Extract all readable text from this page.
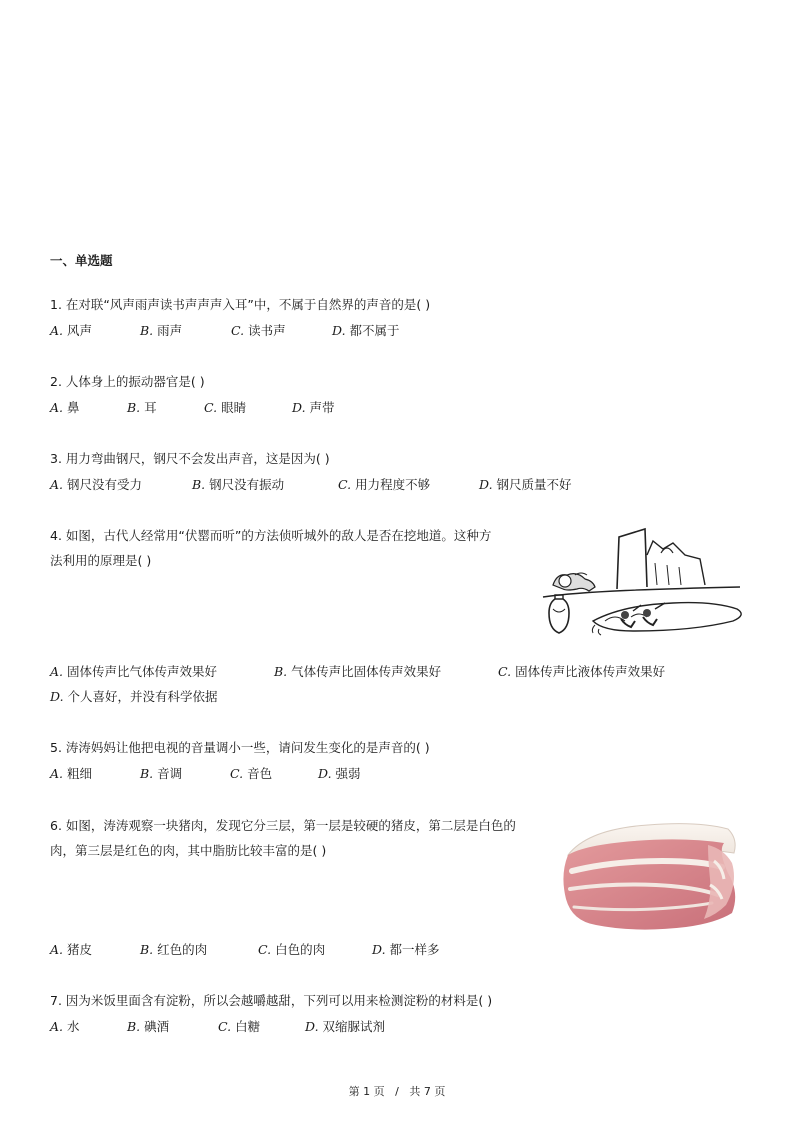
一、单选题
1. 在对联“风声雨声读书声声声入耳”中，不属于自然界的声音的是( )
A. 风声	B. 雨声	C. 读书声	D. 都不属于
2. 人体身上的振动器官是( )
A. 鼻	B. 耳	C. 眼睛	D. 声带
3. 用力弯曲钢尺，钢尺不会发出声音，这是因为( )
A. 钢尺没有受力	B. 钢尺没有振动	C. 用力程度不够	D. 钢尺质量不好
4. 如图，古代人经常用“伏罂而听”的方法侦听城外的敌人是否在挖地道。这种方
法利用的原理是( )
A. 固体传声比气体传声效果好	B. 气体传声比固体传声效果好	C. 固体传声比液体传声效果好
D. 个人喜好，并没有科学依据
5. 涛涛妈妈让他把电视的音量调小一些，请问发生变化的是声音的( )
A. 粗细	B. 音调	C. 音色	D. 强弱
6. 如图，涛涛观察一块猪肉，发现它分三层，第一层是较硬的猪皮，第二层是白色的
肉，第三层是红色的肉，其中脂肪比较丰富的是( )
A. 猪皮	B. 红色的肉	C. 白色的肉	D. 都一样多
7. 因为米饭里面含有淀粉，所以会越嚼越甜，下列可以用来检测淀粉的材料是( )
A. 水	B. 碘酒	C. 白糖	D. 双缩脲试剂
第 1 页   /   共 7 页
